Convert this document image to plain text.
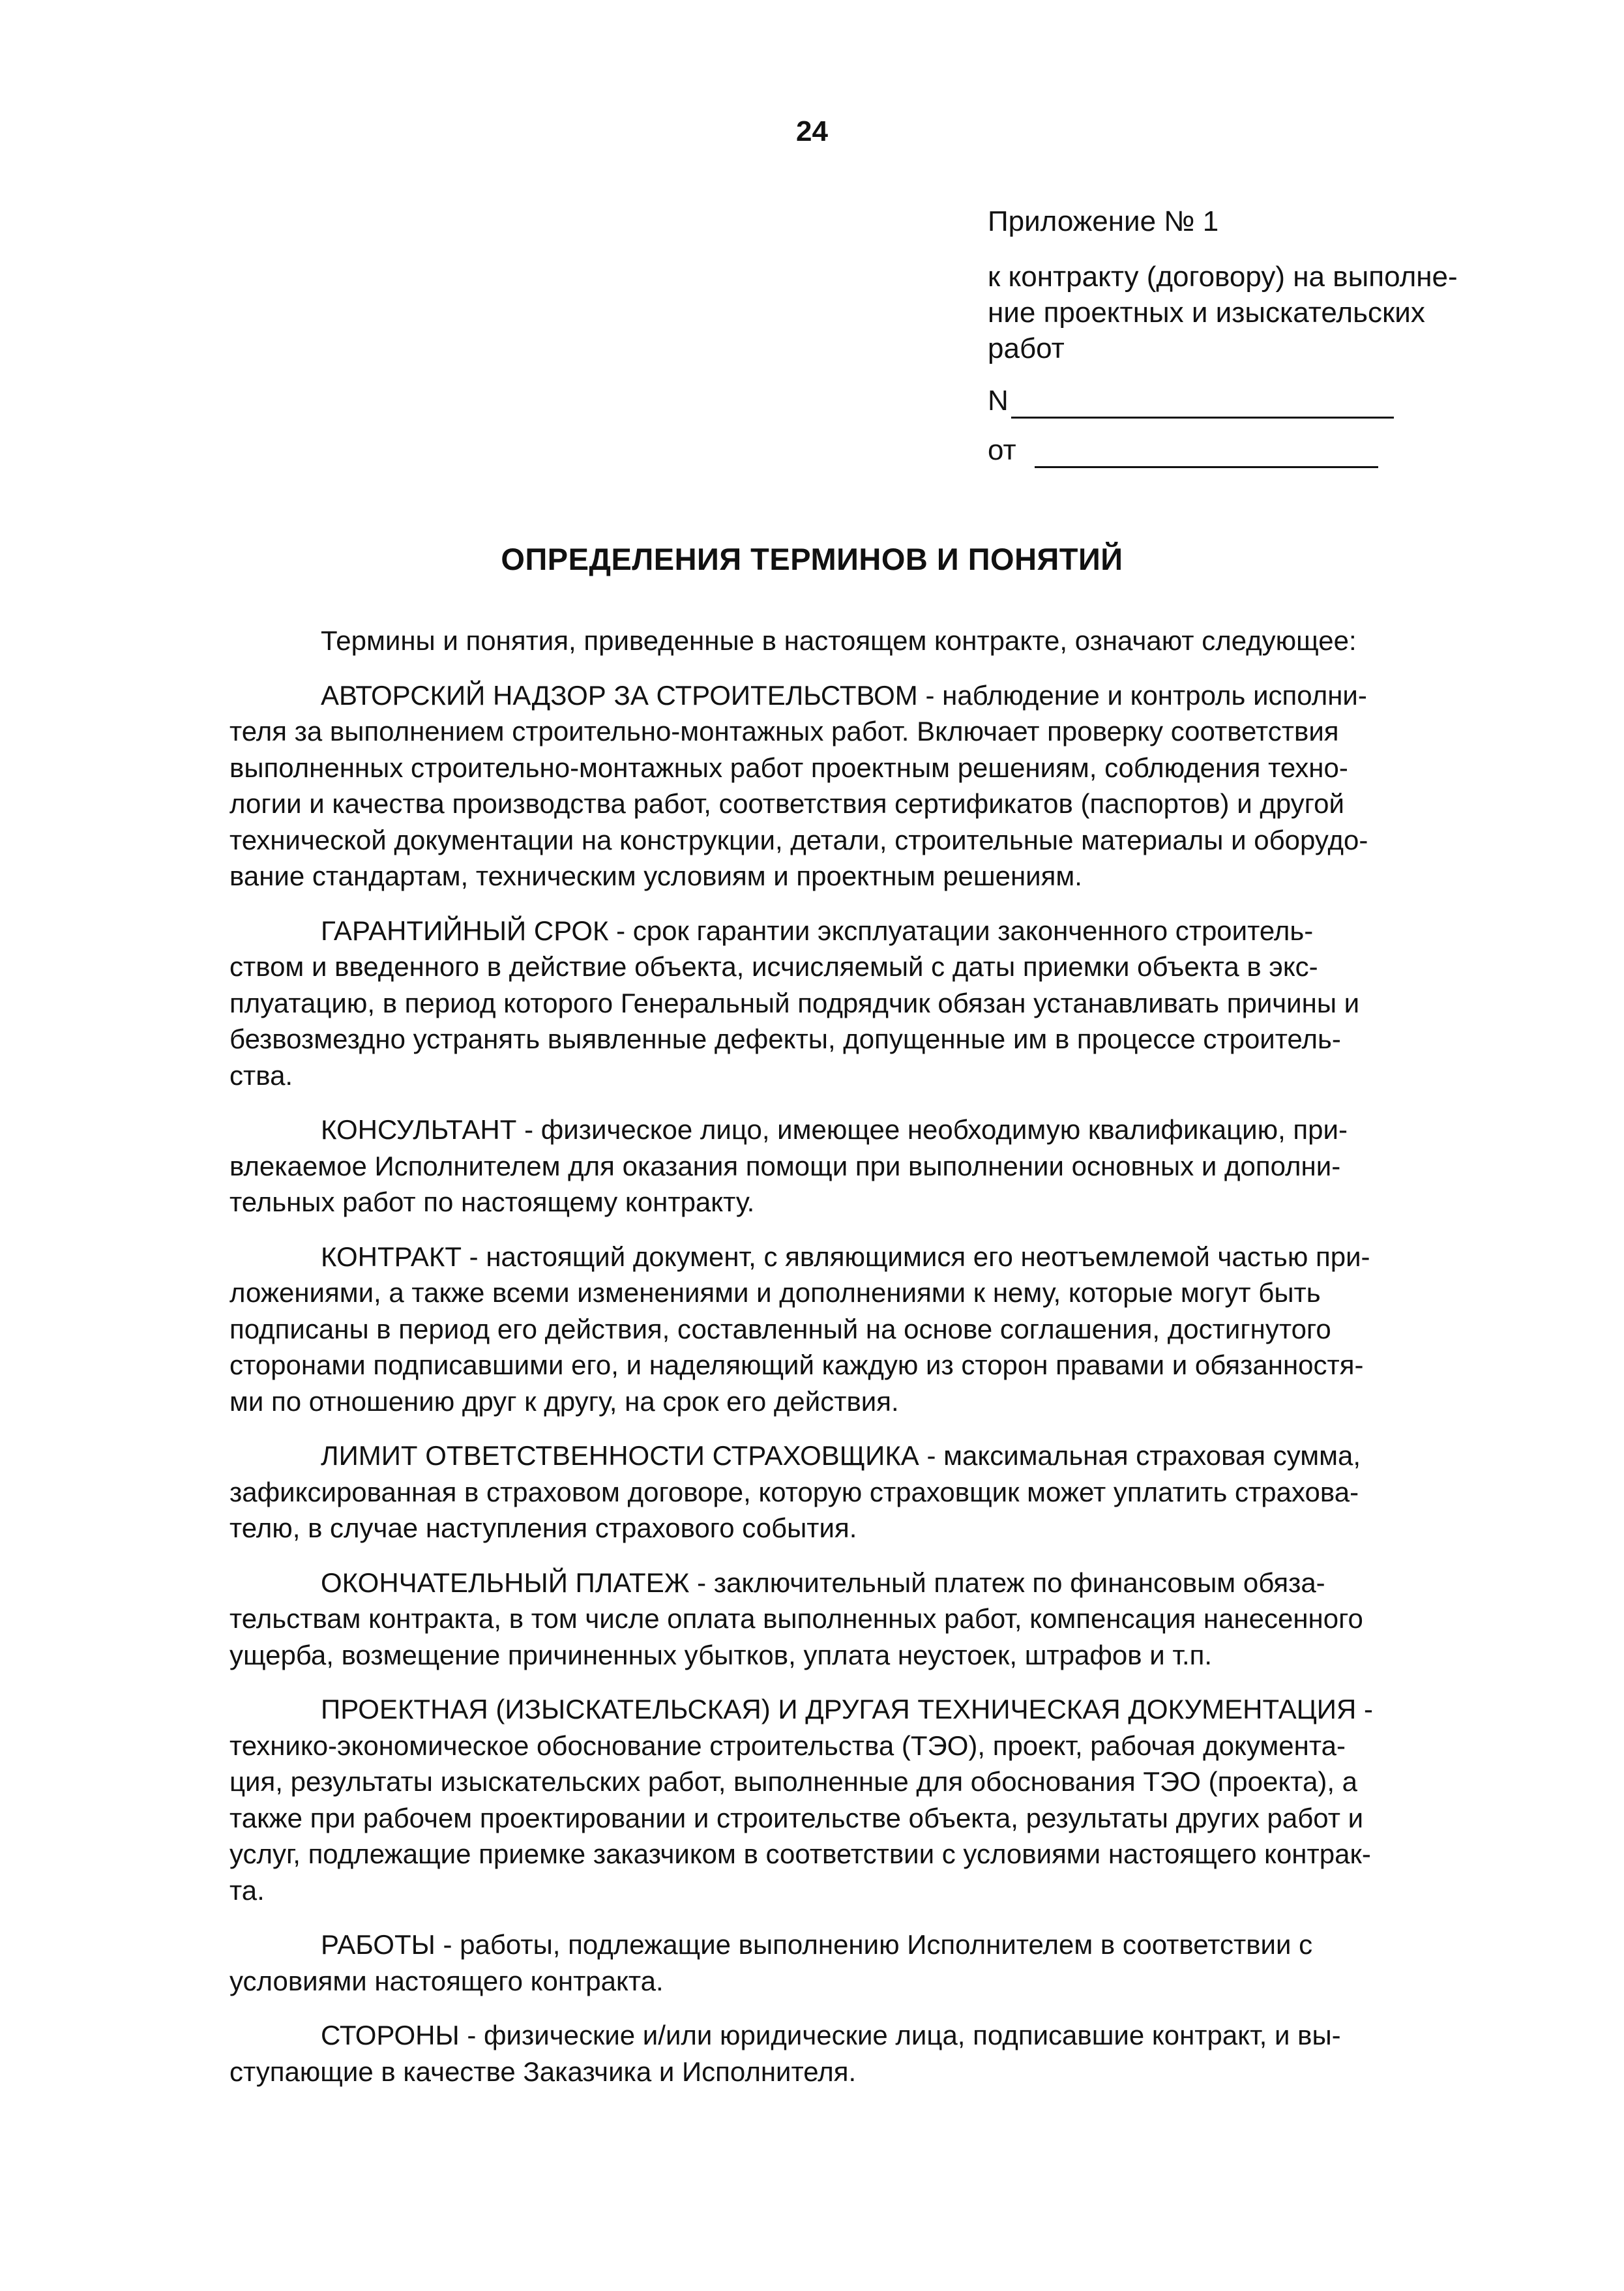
24
Приложение № 1
к контракту (договору) на выполне-
ние проектных и изыскательских
работ
N
от
ОПРЕДЕЛЕНИЯ ТЕРМИНОВ И ПОНЯТИЙ
Термины и понятия, приведенные в настоящем контракте, означают следующее:
АВТОРСКИЙ НАДЗОР ЗА СТРОИТЕЛЬСТВОМ - наблюдение и контроль исполни-
теля за выполнением строительно-монтажных работ. Включает проверку соответствия
выполненных строительно-монтажных работ проектным решениям, соблюдения техно-
логии и качества производства работ, соответствия сертификатов (паспортов) и другой
технической документации на конструкции, детали, строительные материалы и оборудо-
вание стандартам, техническим условиям и проектным решениям.
ГАРАНТИЙНЫЙ СРОК - срок гарантии эксплуатации законченного строитель-
ством и введенного в действие объекта, исчисляемый с даты приемки объекта в экс-
плуатацию, в период которого Генеральный подрядчик обязан устанавливать причины и
безвозмездно устранять выявленные дефекты, допущенные им в процессе строитель-
ства.
КОНСУЛЬТАНТ - физическое лицо, имеющее необходимую квалификацию, при-
влекаемое Исполнителем для оказания помощи при выполнении основных и дополни-
тельных работ по настоящему контракту.
КОНТРАКТ - настоящий документ, с являющимися его неотъемлемой частью при-
ложениями, а также всеми изменениями и дополнениями к нему, которые могут быть
подписаны в период его действия, составленный на основе соглашения, достигнутого
сторонами подписавшими его, и наделяющий каждую из сторон правами и обязанностя-
ми по отношению друг к другу, на срок его действия.
ЛИМИТ ОТВЕТСТВЕННОСТИ СТРАХОВЩИКА - максимальная страховая сумма,
зафиксированная в страховом договоре, которую страховщик может уплатить страхова-
телю, в случае наступления страхового события.
ОКОНЧАТЕЛЬНЫЙ ПЛАТЕЖ - заключительный платеж по финансовым обяза-
тельствам контракта, в том числе оплата выполненных работ, компенсация нанесенного
ущерба, возмещение причиненных убытков, уплата неустоек, штрафов и т.п.
ПРОЕКТНАЯ (ИЗЫСКАТЕЛЬСКАЯ) И ДРУГАЯ ТЕХНИЧЕСКАЯ ДОКУМЕНТАЦИЯ -
технико-экономическое обоснование строительства (ТЭО), проект, рабочая документа-
ция, результаты изыскательских работ, выполненные для обоснования ТЭО (проекта), а
также при рабочем проектировании и строительстве объекта, результаты других работ и
услуг, подлежащие приемке заказчиком в соответствии с условиями настоящего контрак-
та.
РАБОТЫ - работы, подлежащие выполнению Исполнителем в соответствии с
условиями настоящего контракта.
СТОРОНЫ - физические и/или юридические лица, подписавшие контракт, и вы-
ступающие в качестве Заказчика и Исполнителя.
